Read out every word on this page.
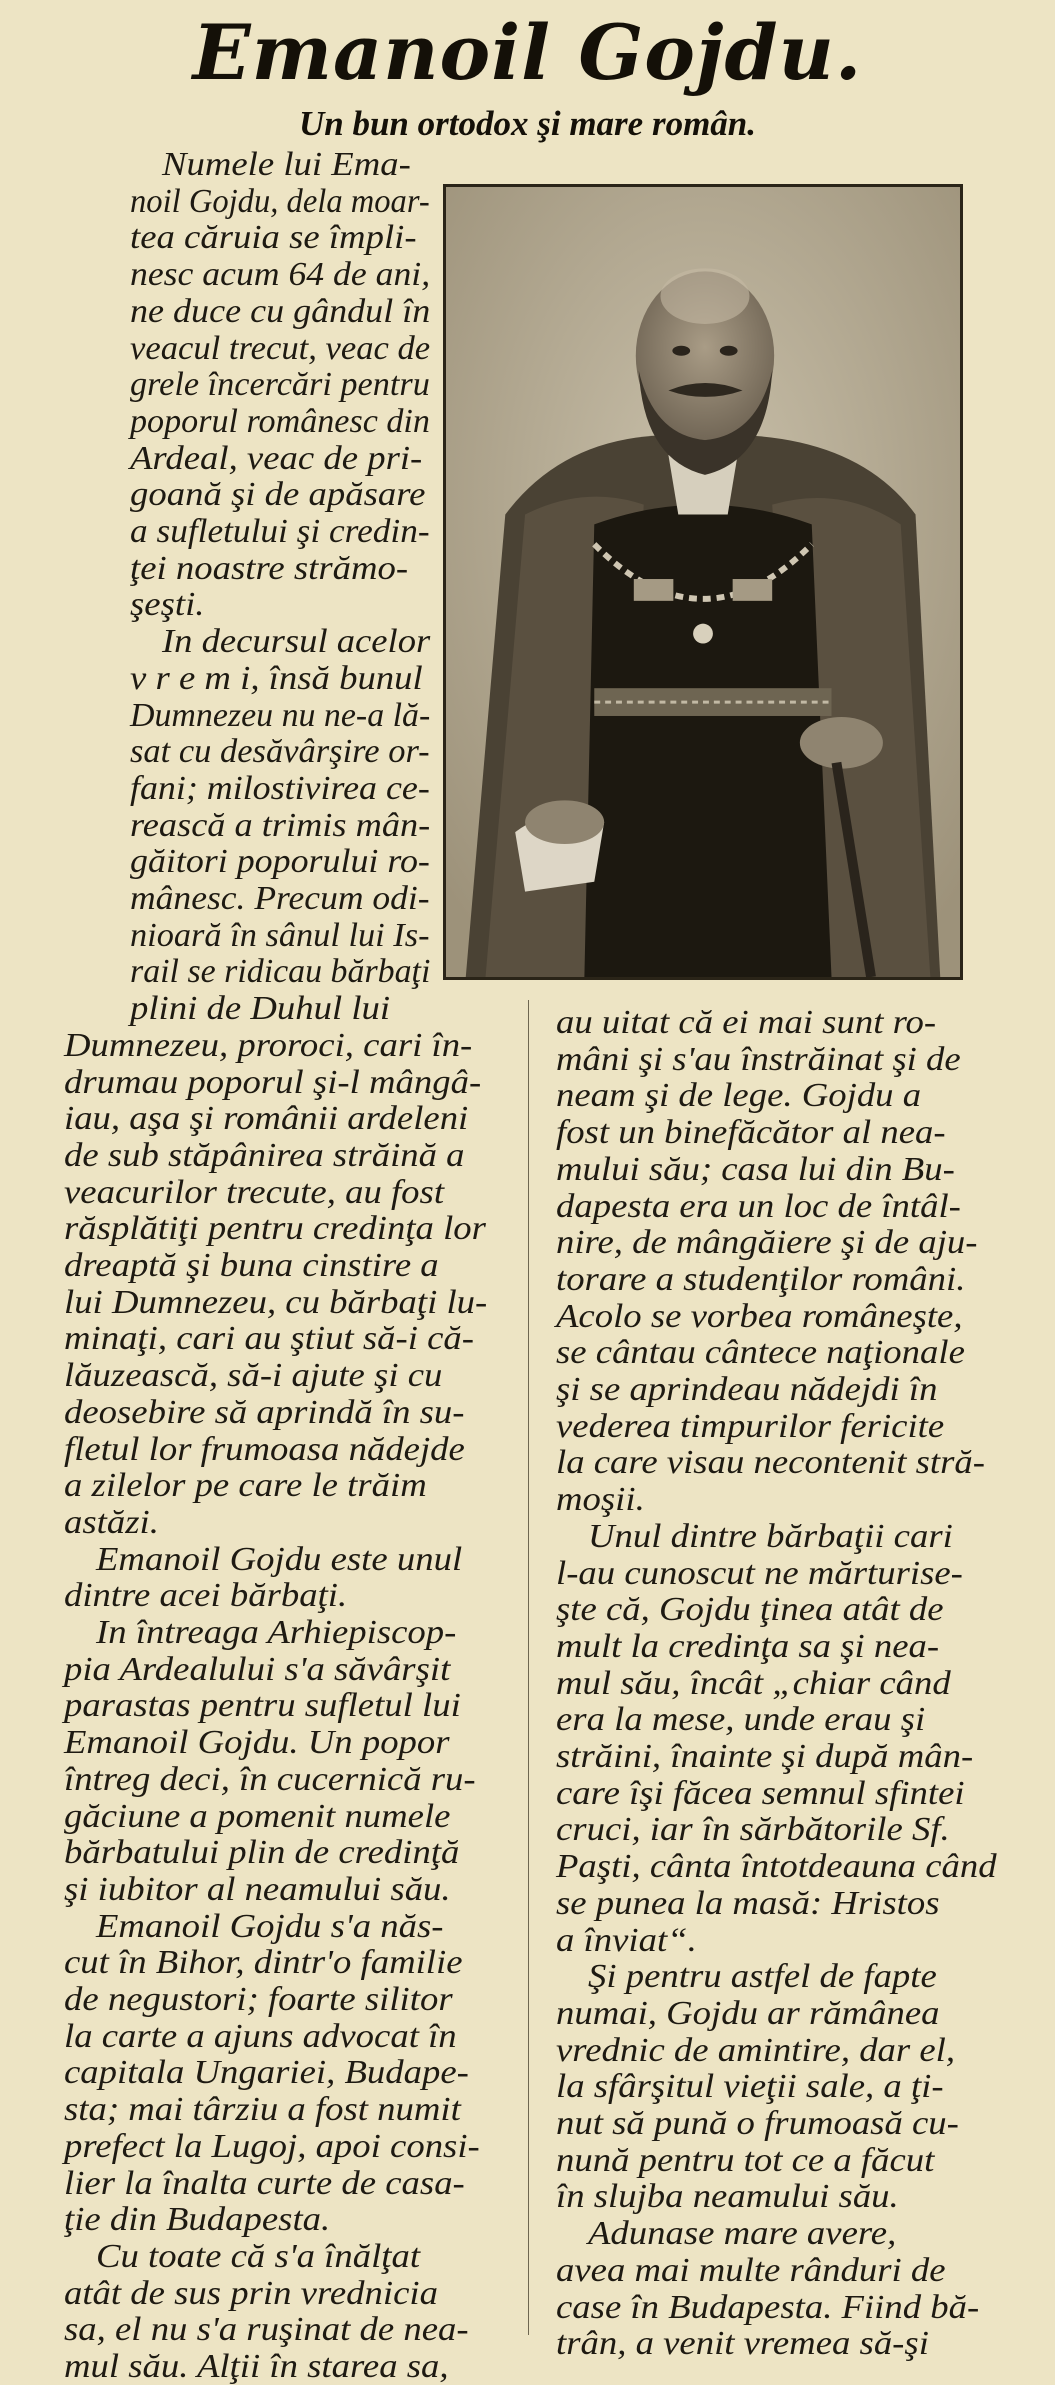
Emanoil Gojdu.
Un bun ortodox şi mare român.
Numele lui Ema-
noil Gojdu, dela moar-
tea căruia se împli-
nesc acum 64 de ani,
ne duce cu gândul în
veacul trecut, veac de
grele încercări pentru
poporul românesc din
Ardeal, veac de pri-
goană şi de apăsare
a sufletului şi credin-
ţei noastre strămo-
şeşti.
In decursul acelor
v r e m i, însă bunul
Dumnezeu nu ne-a lă-
sat cu desăvârşire or-
fani; milostivirea ce-
rească a trimis mân-
găitori poporului ro-
mânesc. Precum odi-
nioară în sânul lui Is-
rail se ridicau bărbaţi
plini de Duhul lui
Dumnezeu, proroci, cari în-
drumau poporul şi-l mângâ-
iau, aşa şi românii ardeleni
de sub stăpânirea străină a
veacurilor trecute, au fost
răsplătiţi pentru credinţa lor
dreaptă şi buna cinstire a
lui Dumnezeu, cu bărbaţi lu-
minaţi, cari au ştiut să-i că-
lăuzească, să-i ajute şi cu
deosebire să aprindă în su-
fletul lor frumoasa nădejde
a zilelor pe care le trăim
astăzi.
Emanoil Gojdu este unul
dintre acei bărbaţi.
In întreaga Arhiepiscop-
pia Ardealului s'a săvârşit
parastas pentru sufletul lui
Emanoil Gojdu. Un popor
întreg deci, în cucernică ru-
găciune a pomenit numele
bărbatului plin de credinţă
şi iubitor al neamului său.
Emanoil Gojdu s'a năs-
cut în Bihor, dintr'o familie
de negustori; foarte silitor
la carte a ajuns advocat în
capitala Ungariei, Budape-
sta; mai târziu a fost numit
prefect la Lugoj, apoi consi-
lier la înalta curte de casa-
ţie din Budapesta.
Cu toate că s'a înălţat
atât de sus prin vrednicia
sa, el nu s'a ruşinat de nea-
mul său. Alţii în starea sa,
au uitat că ei mai sunt ro-
mâni şi s'au înstrăinat şi de
neam şi de lege. Gojdu a
fost un binefăcător al nea-
mului său; casa lui din Bu-
dapesta era un loc de întâl-
nire, de mângăiere şi de aju-
torare a studenţilor români.
Acolo se vorbea româneşte,
se cântau cântece naţionale
şi se aprindeau nădejdi în
vederea timpurilor fericite
la care visau necontenit stră-
moşii.
Unul dintre bărbaţii cari
l-au cunoscut ne mărturise-
şte că, Gojdu ţinea atât de
mult la credinţa sa şi nea-
mul său, încât „chiar când
era la mese, unde erau şi
străini, înainte şi după mân-
care îşi făcea semnul sfintei
cruci, iar în sărbătorile Sf.
Paşti, cânta întotdeauna când
se punea la masă: Hristos
a înviat“.
Şi pentru astfel de fapte
numai, Gojdu ar rămânea
vrednic de amintire, dar el,
la sfârşitul vieţii sale, a ţi-
nut să pună o frumoasă cu-
nună pentru tot ce a făcut
în slujba neamului său.
Adunase mare avere,
avea mai multe rânduri de
case în Budapesta. Fiind bă-
trân, a venit vremea să-şi
